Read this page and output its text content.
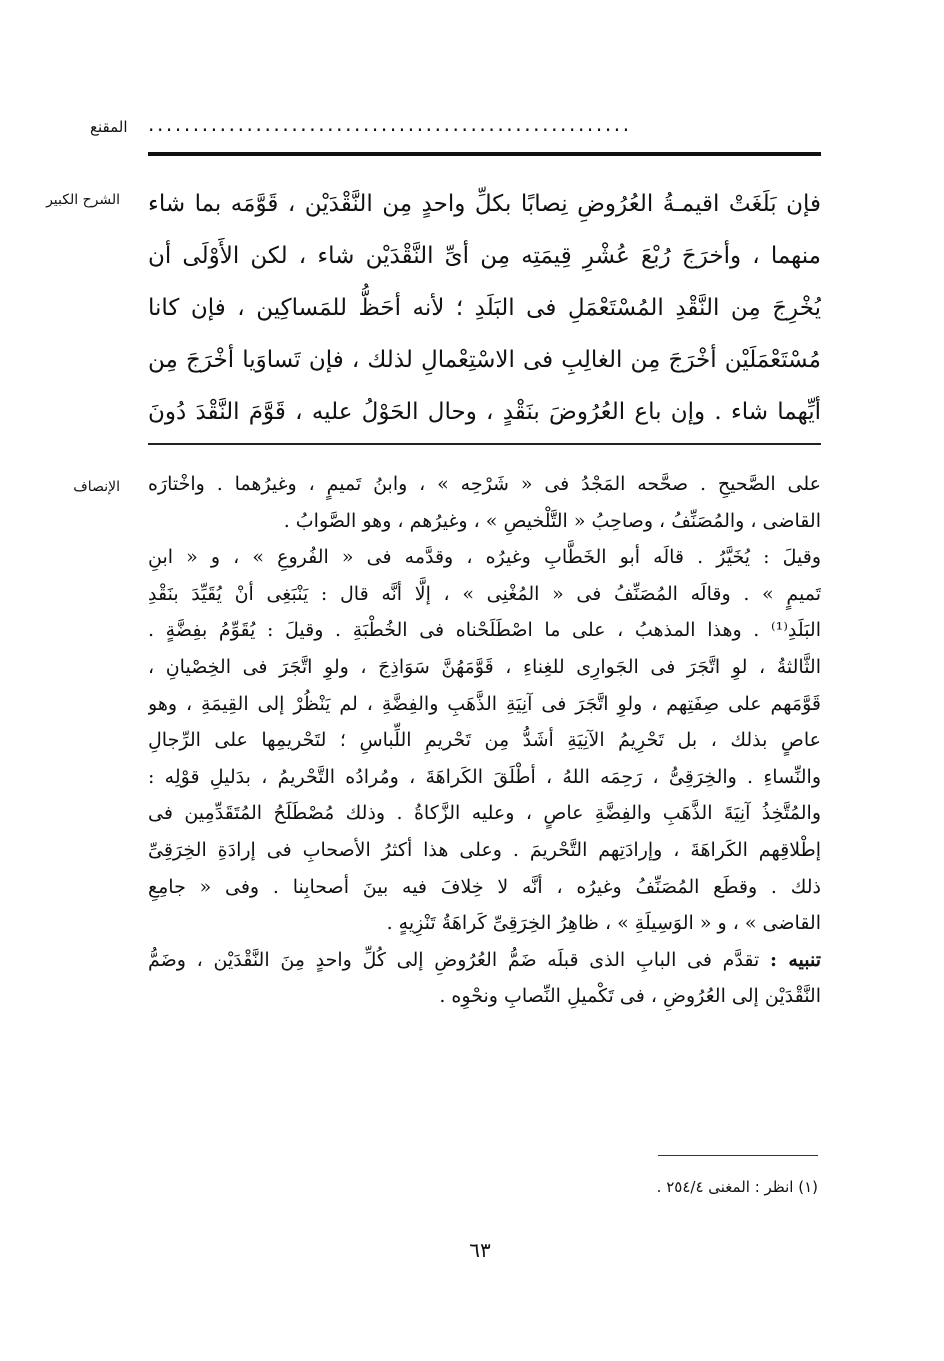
المقنع ......................................................
الشرح الكبير فإن بَلَغَتْ اقيمـةُ العُرُوضِ نِصابًا بكلِّ واحدٍ مِن النَّقْدَيْن ، قَوَّمَه بما شاء
منهما ، وأخرَجَ رُبْعَ عُشْرِ قِيمَتِه مِن أىِّ النَّقْدَيْن شاء ، لكن الأَوْلَى أن
يُخْرِجَ مِن النَّقْدِ المُسْتَعْمَلِ فى البَلَدِ ؛ لأنه أحَظُّ للمَساكِين ، فإن كانا
مُسْتَعْمَلَيْن أخْرَجَ مِن الغالِبِ فى الاسْتِعْمالِ لذلك ، فإن تَساوَيا أخْرَجَ مِن
أيِّهما شاء . وإن باع العُرُوضَ بنَقْدٍ ، وحال الحَوْلُ عليه ، قَوَّمَ النَّقْدَ دُونَ
الإنصاف على الصَّحيحِ . صحَّحه المَجْدُ فى « شَرْحِه » ، وابنُ تَميمٍ ، وغيرُهما . واخْتارَه
القاضى ، والمُصَنِّفُ ، وصاحِبُ « التَّلْخيصِ » ، وغيرُهم ، وهو الصَّوابُ .
وقيلَ : يُخَيَّرُ . قالَه أبو الخَطَّابِ وغيرُه ، وقدَّمه فى « الفُروعِ » ، و « ابنِ
تَميمٍ » . وقالَه المُصَنِّفُ فى « المُغْنِى » ، إلَّا أنَّه قال : يَنْبَغِى أنْ يُقَيِّدَ بنَقْدِ
البَلَدِ⁽¹⁾ . وهذا المذهبُ ، على ما اصْطَلَحْناه فى الخُطْبَةِ . وقيلَ : يُقَوِّمُ بفِضَّةٍ .
الثَّالثةُ ، لوِ اتَّجَرَ فى الجَوارِى للغِناءِ ، قَوَّمَهُنَّ سَوَاذِجَ ، ولوِ اتَّجَرَ فى الخِصْيانِ ،
قَوَّمَهم على صِفَتِهم ، ولوِ اتَّجَرَ فى آنِيَةِ الذَّهَبِ والفِضَّةِ ، لم يَنْظُرْ إلى القِيمَةِ ، وهو
عاصٍ بذلك ، بل تَحْرِيمُ الآنِيَةِ أشَدُّ مِن تَحْريمِ اللِّباسِ ؛ لتَحْريمِها على الرِّجالِ
والنِّساءِ . والخِرَقِىُّ ، رَحِمَه اللهُ ، أطْلَقَ الكَراهَةَ ، ومُرادُه التَّحْريمُ ، بدَليلِ قوْلِه :
والمُتَّخِذُ آنِيَةَ الذَّهَبِ والفِضَّةِ عاصٍ ، وعليه الزَّكاةُ . وذلك مُصْطَلَحُ المُتَقَدِّمِين فى
إطْلاقِهم الكَراهَةَ ، وإرادَتِهم التَّحْريمَ . وعلى هذا أكثرُ الأصحابِ فى إرادَةِ الخِرَقِىِّ
ذلك . وقطَع المُصَنِّفُ وغيرُه ، أنَّه لا خِلافَ فيه بينَ أصحابِنا . وفى « جامِعِ
القاضى » ، و « الوَسِيلَةِ » ، ظاهِرُ الخِرَقِىِّ كَراهَةُ تَنْزِيهٍ .
تنبيه : تقدَّم فى البابِ الذى قبلَه ضَمُّ العُرُوضِ إلى كُلِّ واحدٍ مِنَ النَّقْدَيْن ، وضَمُّ
النَّقْدَيْن إلى العُرُوضِ ، فى تَكْميلِ النِّصابِ ونحْوِه .
(١) انظر : المغنى ٢٥٤/٤ .
٦٣
